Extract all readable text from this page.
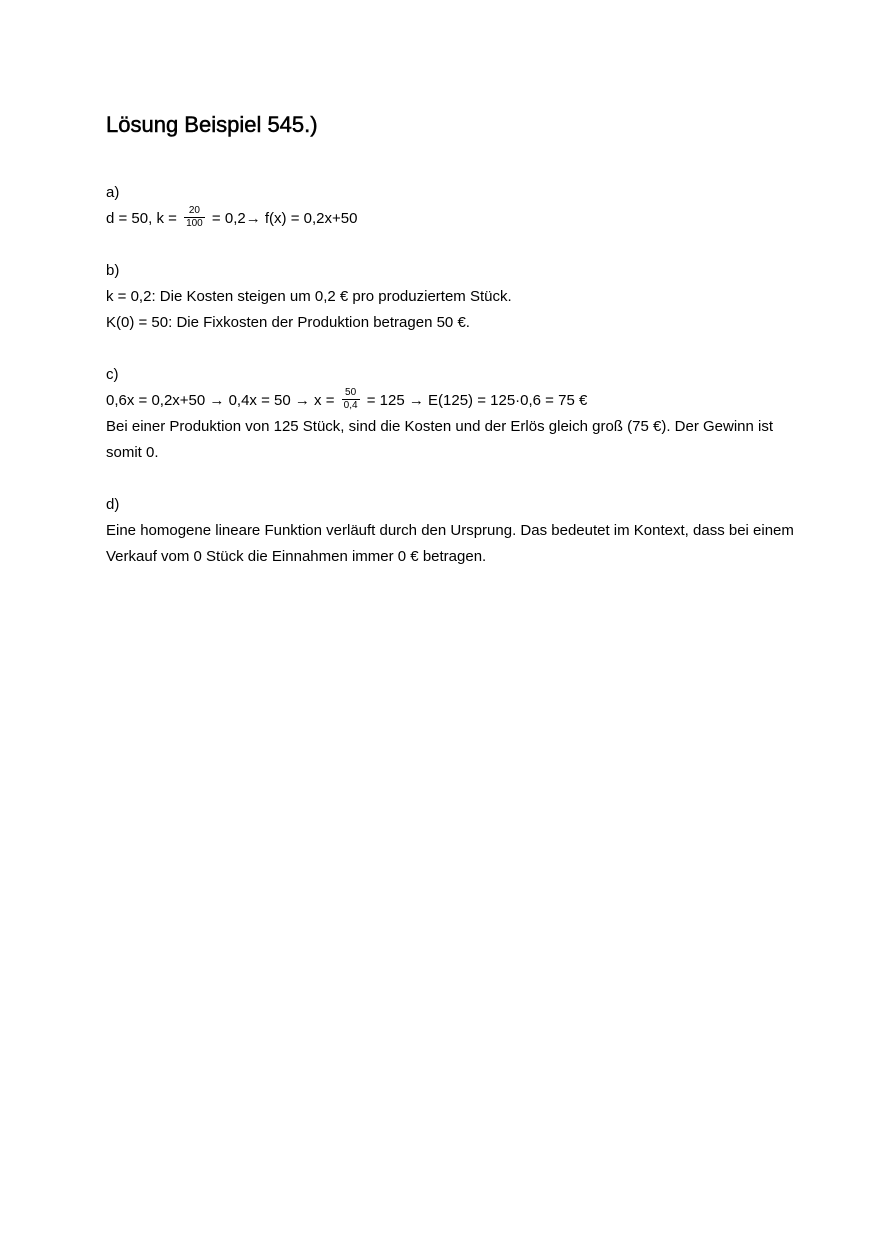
Lösung Beispiel 545.)
a)
d = 50, $k = \frac{20}{100} = 0,2\to f(x) = 0,2x+50$
b)
k = 0,2: Die Kosten steigen um 0,2 € pro produziertem Stück.
K(0) = 50: Die Fixkosten der Produktion betragen 50 €.
c)
$0,6x = 0,2x+50 \to 0,4x = 50 \to x = \frac{50}{0,4} = 125 \to E(125) = 125\cdot 0,6 = 75$ €
Bei einer Produktion von 125 Stück, sind die Kosten und der Erlös gleich groß (75 €). Der Gewinn ist somit 0.
d)
Eine homogene lineare Funktion verläuft durch den Ursprung. Das bedeutet im Kontext, dass bei einem Verkauf vom 0 Stück die Einnahmen immer 0 € betragen.
